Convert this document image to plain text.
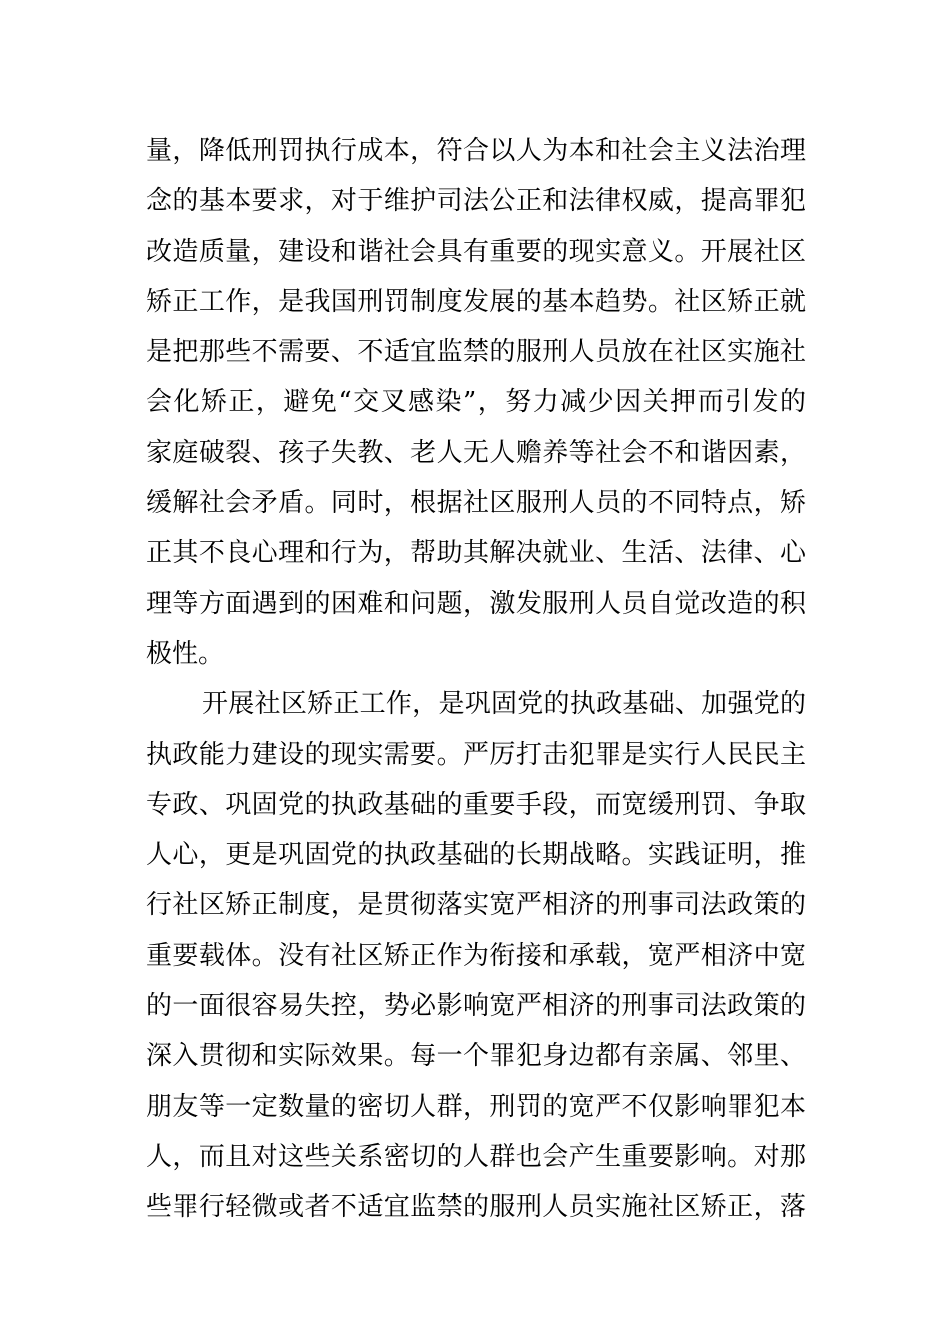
量，降低刑罚执行成本，符合以人为本和社会主义法治理
念的基本要求，对于维护司法公正和法律权威，提高罪犯
改造质量，建设和谐社会具有重要的现实意义。开展社区
矫正工作，是我国刑罚制度发展的基本趋势。社区矫正就
是把那些不需要、不适宜监禁的服刑人员放在社区实施社
会化矫正，避免“交叉感染”，努力减少因关押而引发的
家庭破裂、孩子失教、老人无人赡养等社会不和谐因素，
缓解社会矛盾。同时，根据社区服刑人员的不同特点，矫
正其不良心理和行为，帮助其解决就业、生活、法律、心
理等方面遇到的困难和问题，激发服刑人员自觉改造的积
极性。
开展社区矫正工作，是巩固党的执政基础、加强党的
执政能力建设的现实需要。严厉打击犯罪是实行人民民主
专政、巩固党的执政基础的重要手段，而宽缓刑罚、争取
人心，更是巩固党的执政基础的长期战略。实践证明，推
行社区矫正制度，是贯彻落实宽严相济的刑事司法政策的
重要载体。没有社区矫正作为衔接和承载，宽严相济中宽
的一面很容易失控，势必影响宽严相济的刑事司法政策的
深入贯彻和实际效果。每一个罪犯身边都有亲属、邻里、
朋友等一定数量的密切人群，刑罚的宽严不仅影响罪犯本
人，而且对这些关系密切的人群也会产生重要影响。对那
些罪行轻微或者不适宜监禁的服刑人员实施社区矫正，落
